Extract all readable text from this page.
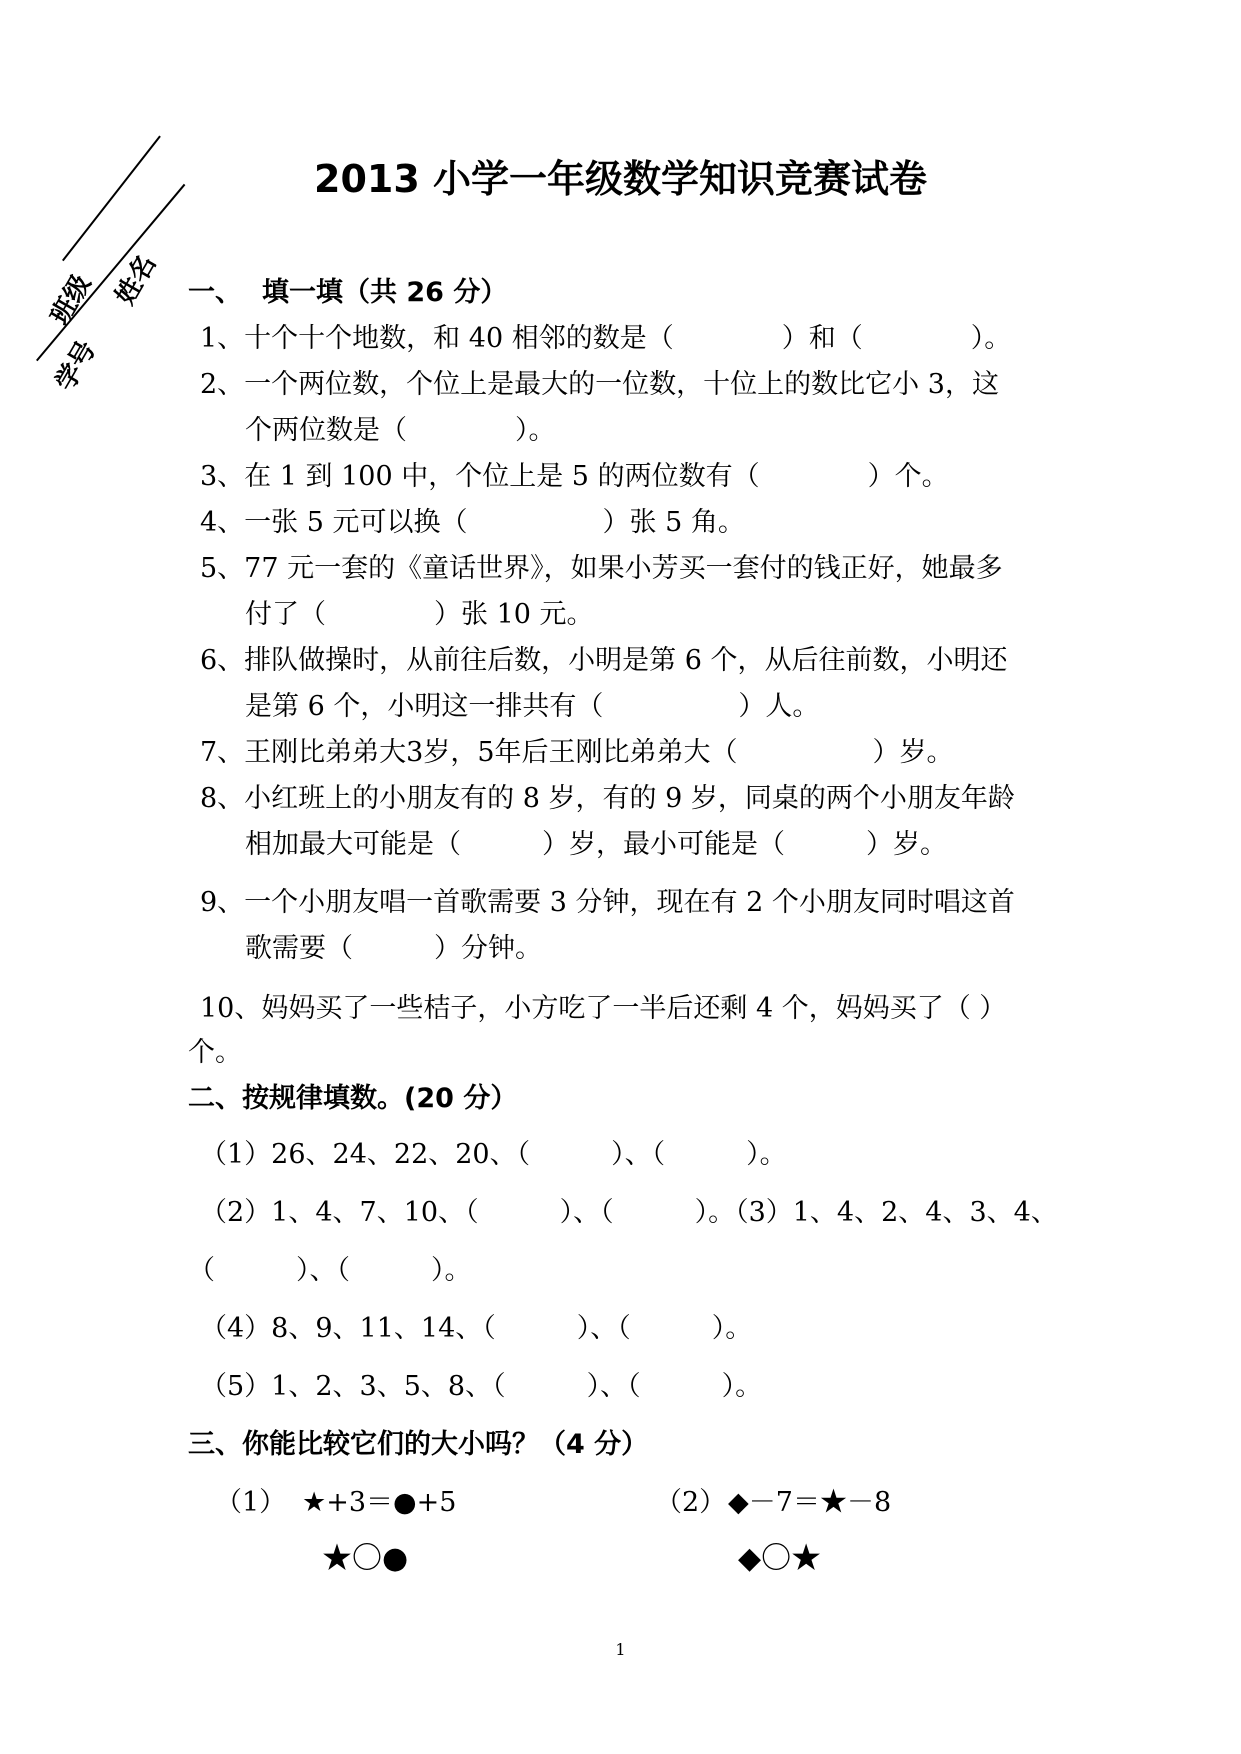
班级 姓名
学号
2013 小学一年级数学知识竞赛试卷
一、 填一填（共 26 分）
1、十个十个地数，和 40 相邻的数是（　　　　）和（　　　　）。
2、一个两位数，个位上是最大的一位数，十位上的数比它小 3，这
个两位数是（　　　　）。
3、在 1 到 100 中，个位上是 5 的两位数有（　　　　）个。
4、一张 5 元可以换（　　　　　）张 5 角。
5、77 元一套的《童话世界》，如果小芳买一套付的钱正好，她最多
付了（　　　　）张 10 元。
6、排队做操时，从前往后数，小明是第 6 个，从后往前数，小明还
是第 6 个，小明这一排共有（　　　　　）人。
7、王刚比弟弟大3岁，5年后王刚比弟弟大（　　　　　）岁。
8、小红班上的小朋友有的 8 岁，有的 9 岁，同桌的两个小朋友年龄
相加最大可能是（　　　）岁，最小可能是（　　　）岁。
9、一个小朋友唱一首歌需要 3 分钟，现在有 2 个小朋友同时唱这首
歌需要（　　　）分钟。
10、妈妈买了一些桔子，小方吃了一半后还剩 4 个，妈妈买了（ ）
个。
二、按规律填数。(20 分）
（1）26、24、22、20、（　　　）、（　　　）。
（2）1、4、7、10、（　　　）、（　　　）。（3）1、4、2、4、3、4、
（　　　）、（　　　）。
（4）8、9、11、14、（　　　）、（　　　）。
（5）1、2、3、5、8、（　　　）、（　　　）。
三、你能比较它们的大小吗？（4 分）
（1） ★+3＝●+5	（2） ◆－7＝★－8
★〇●	◆〇★
1
